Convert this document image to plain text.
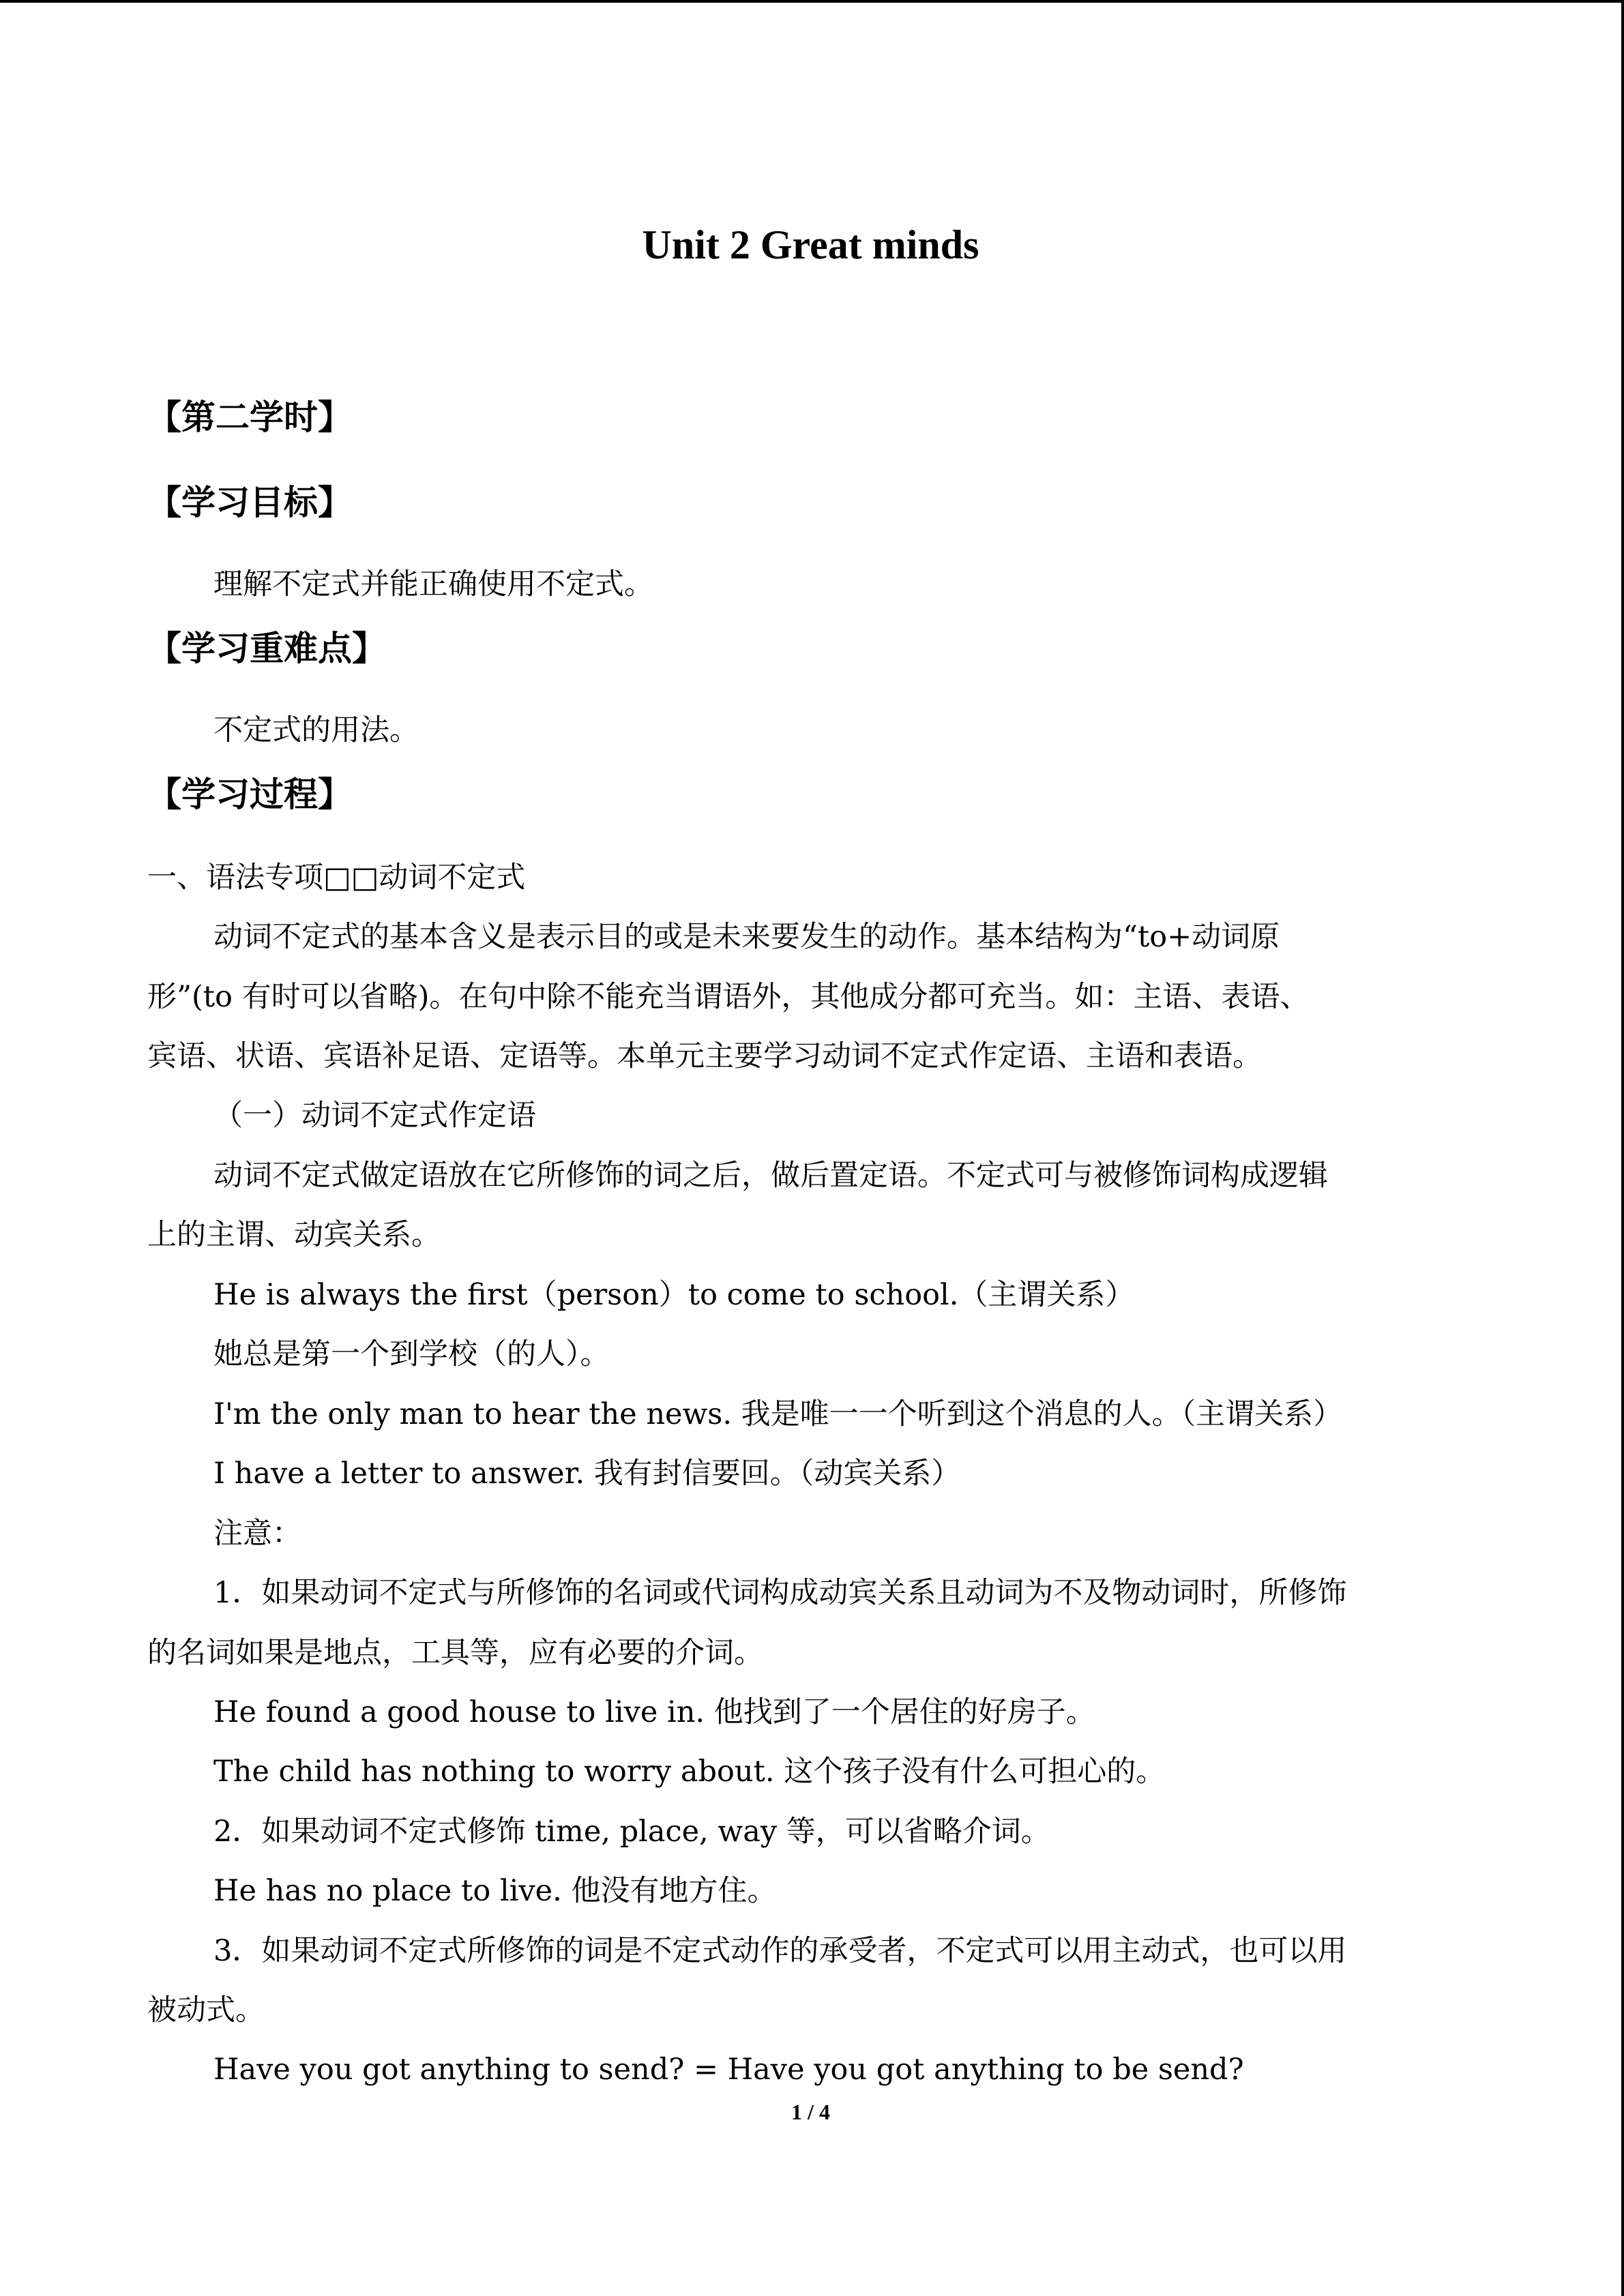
Unit 2 Great minds
【第二学时】
【学习目标】
理解不定式并能正确使用不定式。
【学习重难点】
不定式的用法。
【学习过程】
一、语法专项□□动词不定式
动词不定式的基本含义是表示目的或是未来要发生的动作。基本结构为“to+动词原
形”(to 有时可以省略)。在句中除不能充当谓语外，其他成分都可充当。如：主语、表语、
宾语、状语、宾语补足语、定语等。本单元主要学习动词不定式作定语、主语和表语。
（一）动词不定式作定语
动词不定式做定语放在它所修饰的词之后，做后置定语。不定式可与被修饰词构成逻辑
上的主谓、动宾关系。
He is always the first（person）to come to school.（主谓关系）
她总是第一个到学校（的人）。
I'm the only man to hear the news. 我是唯一一个听到这个消息的人。（主谓关系）
I have a letter to answer. 我有封信要回。（动宾关系）
注意：
1．如果动词不定式与所修饰的名词或代词构成动宾关系且动词为不及物动词时，所修饰
的名词如果是地点，工具等，应有必要的介词。
He found a good house to live in. 他找到了一个居住的好房子。
The child has nothing to worry about. 这个孩子没有什么可担心的。
2．如果动词不定式修饰 time, place, way 等，可以省略介词。
He has no place to live. 他没有地方住。
3．如果动词不定式所修饰的词是不定式动作的承受者，不定式可以用主动式，也可以用
被动式。
Have you got anything to send? = Have you got anything to be send?
1 / 4
